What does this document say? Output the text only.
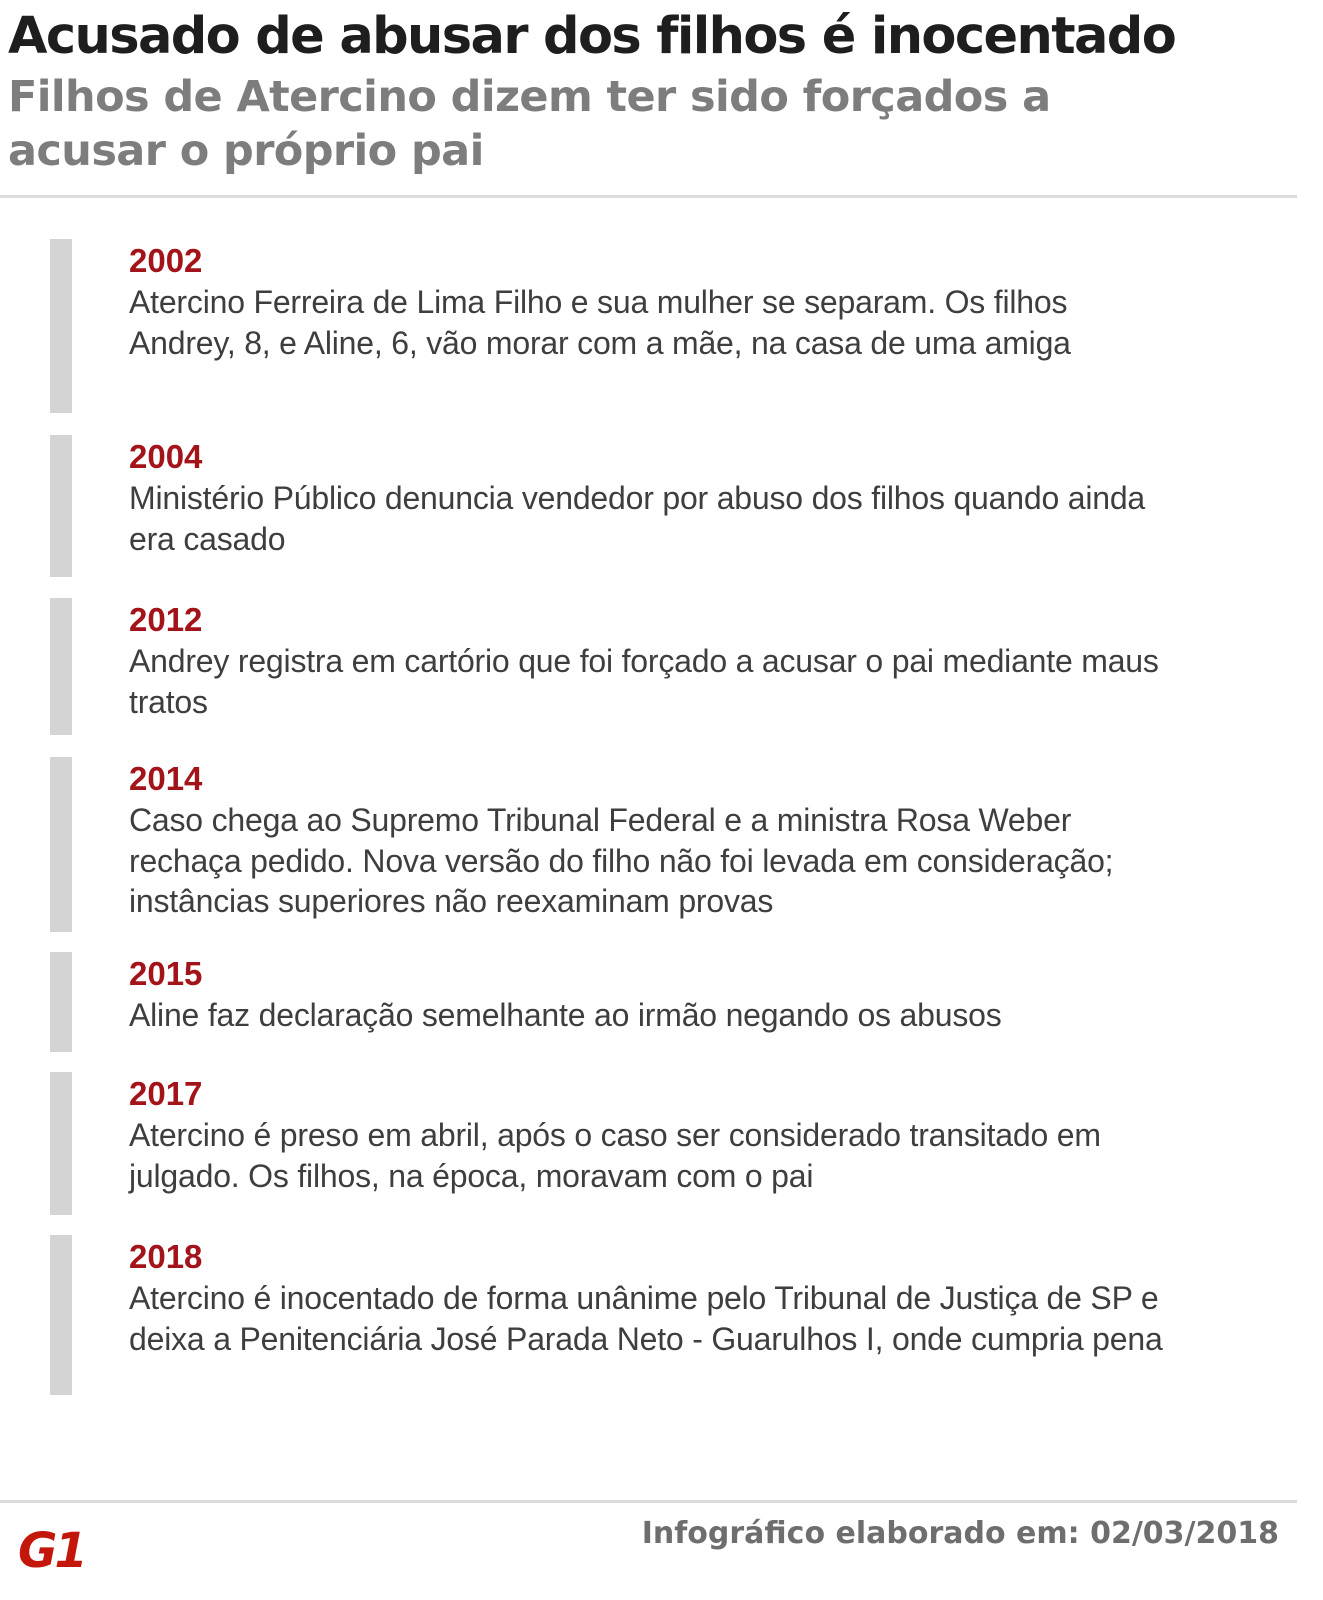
Acusado de abusar dos filhos é inocentado
Filhos de Atercino dizem ter sido forçados a acusar o próprio pai
2002
Atercino Ferreira de Lima Filho e sua mulher se separam. Os filhos Andrey, 8, e Aline, 6, vão morar com a mãe, na casa de uma amiga
2004
Ministério Público denuncia vendedor por abuso dos filhos quando ainda era casado
2012
Andrey registra em cartório que foi forçado a acusar o pai mediante maus tratos
2014
Caso chega ao Supremo Tribunal Federal e a ministra Rosa Weber rechaça pedido. Nova versão do filho não foi levada em consideração; instâncias superiores não reexaminam provas
2015
Aline faz declaração semelhante ao irmão negando os abusos
2017
Atercino é preso em abril, após o caso ser considerado transitado em julgado. Os filhos, na época, moravam com o pai
2018
Atercino é inocentado de forma unânime pelo Tribunal de Justiça de SP e deixa a Penitenciária José Parada Neto - Guarulhos I, onde cumpria pena
G1	Infográfico elaborado em: 02/03/2018
